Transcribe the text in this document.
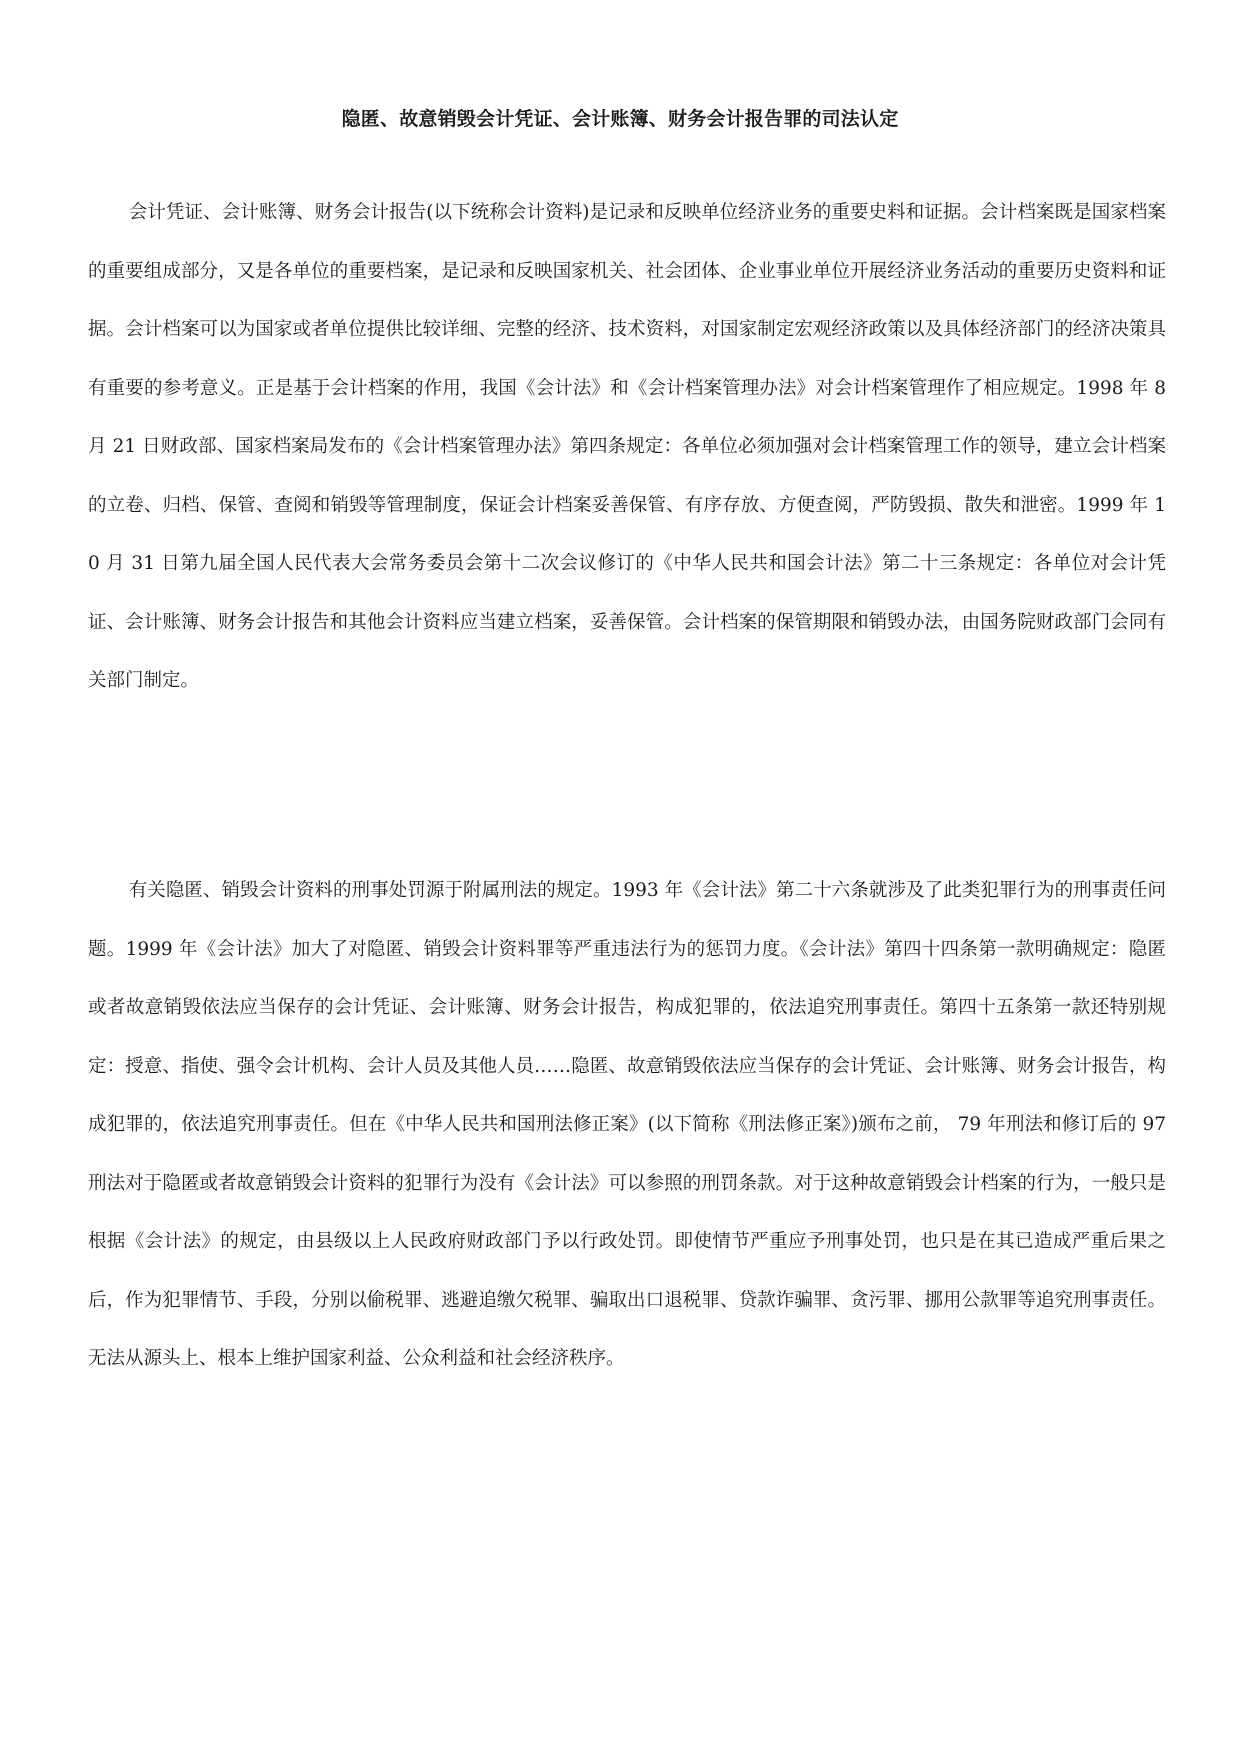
隐匿、故意销毁会计凭证、会计账簿、财务会计报告罪的司法认定

会计凭证、会计账簿、财务会计报告(以下统称会计资料)是记录和反映单位经济业务的重要史料和证据。会计档案既是国家档案的重要组成部分，又是各单位的重要档案，是记录和反映国家机关、社会团体、企业事业单位开展经济业务活动的重要历史资料和证据。会计档案可以为国家或者单位提供比较详细、完整的经济、技术资料，对国家制定宏观经济政策以及具体经济部门的经济决策具有重要的参考意义。正是基于会计档案的作用，我国《会计法》和《会计档案管理办法》对会计档案管理作了相应规定。1998 年 8 月 21 日财政部、国家档案局发布的《会计档案管理办法》第四条规定：各单位必须加强对会计档案管理工作的领导，建立会计档案的立卷、归档、保管、查阅和销毁等管理制度，保证会计档案妥善保管、有序存放、方便查阅，严防毁损、散失和泄密。1999 年 10 月 31 日第九届全国人民代表大会常务委员会第十二次会议修订的《中华人民共和国会计法》第二十三条规定：各单位对会计凭证、会计账簿、财务会计报告和其他会计资料应当建立档案，妥善保管。会计档案的保管期限和销毁办法，由国务院财政部门会同有关部门制定。

有关隐匿、销毁会计资料的刑事处罚源于附属刑法的规定。1993 年《会计法》第二十六条就涉及了此类犯罪行为的刑事责任问题。1999 年《会计法》加大了对隐匿、销毁会计资料罪等严重违法行为的惩罚力度。《会计法》第四十四条第一款明确规定：隐匿或者故意销毁依法应当保存的会计凭证、会计账簿、财务会计报告，构成犯罪的，依法追究刑事责任。第四十五条第一款还特别规定：授意、指使、强令会计机构、会计人员及其他人员……隐匿、故意销毁依法应当保存的会计凭证、会计账簿、财务会计报告，构成犯罪的，依法追究刑事责任。但在《中华人民共和国刑法修正案》(以下简称《刑法修正案》)颁布之前， 79 年刑法和修订后的 97 刑法对于隐匿或者故意销毁会计资料的犯罪行为没有《会计法》可以参照的刑罚条款。对于这种故意销毁会计档案的行为，一般只是根据《会计法》的规定，由县级以上人民政府财政部门予以行政处罚。即使情节严重应予刑事处罚，也只是在其已造成严重后果之后，作为犯罪情节、手段，分别以偷税罪、逃避追缴欠税罪、骗取出口退税罪、贷款诈骗罪、贪污罪、挪用公款罪等追究刑事责任。无法从源头上、根本上维护国家利益、公众利益和社会经济秩序。
